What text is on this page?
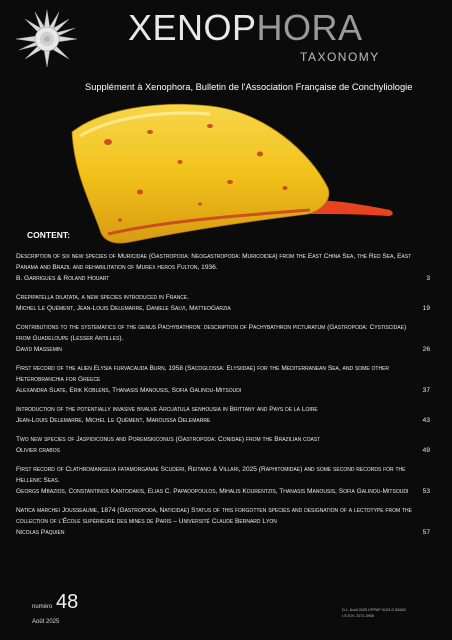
XENOPHORA
TAXONOMY
Supplément à Xenophora, Bulletin de l'Association Française de Conchyliologie
CONTENT:
Description of six new species of Muricidae (Gastropoda: Neogastropoda: Muricoidea) from the East China Sea, the Red Sea, East Panama and Brazil and rehabilitation of Murex heros Fulton, 1936.
B. Garrigues & Roland Houart	3
Crepipatella dilatata, a new species introduced in France.
Michel Le Quément, Jean-Louis Delemarre, Daniele Salvi, MatteoGarzia	19
Contributions to the systematics of the genus Pachybathron: description of Pachybathron picturatum (Gastropoda: Cystiscidae) from Guadeloupe (Lesser Antilles).
David Massemin	26
First record of the alien Elysia furvacauda Burn, 1958 (Sacoglossa: Elysiidae) for the Mediterranean Sea, and some other Heterobranchia for Greece
Alexandra Slate, Erik Koblens, Thanasis Manousis, Sofia Galinou-Mitsoudi	37
Introduction of the potentially invasive bivalve Arcuatula senhousia in Brittany and Pays de la Loire
Jean-Louis Delemarre, Michel Le Quément, Maroussa Delemarre	43
Two new species of Jaspidiconus and Poremskiconus (Gastropoda: Conidae) from the Brazilian coast
Olivier crabos	49
First record of Clathromangelia fatamorganae Scuderi, Reitano & Villari, 2025 (Raphitomidae) and some second records for the Hellenic Seas.
Georgs Mbazios, Constantinos Kantodakis, Elias C. Papadopoulos, Mihalis Kourentzis, Thanasis Manousis, Sofia Galinou-Mitsoudi	53
Natica marchei Jousseaume, 1874 (Gastropoda, Naticidae) Status of this forgotten species and designation of a lectotype from the collection of l'École supérieure des mines de Paris – Université Claude Bernard Lyon
Nicolas Paquien	57
numéro 48
Août 2025
D.L. Août 2025 CPPAP 0123 G 82662
I.S.S.N. 2271-0906
